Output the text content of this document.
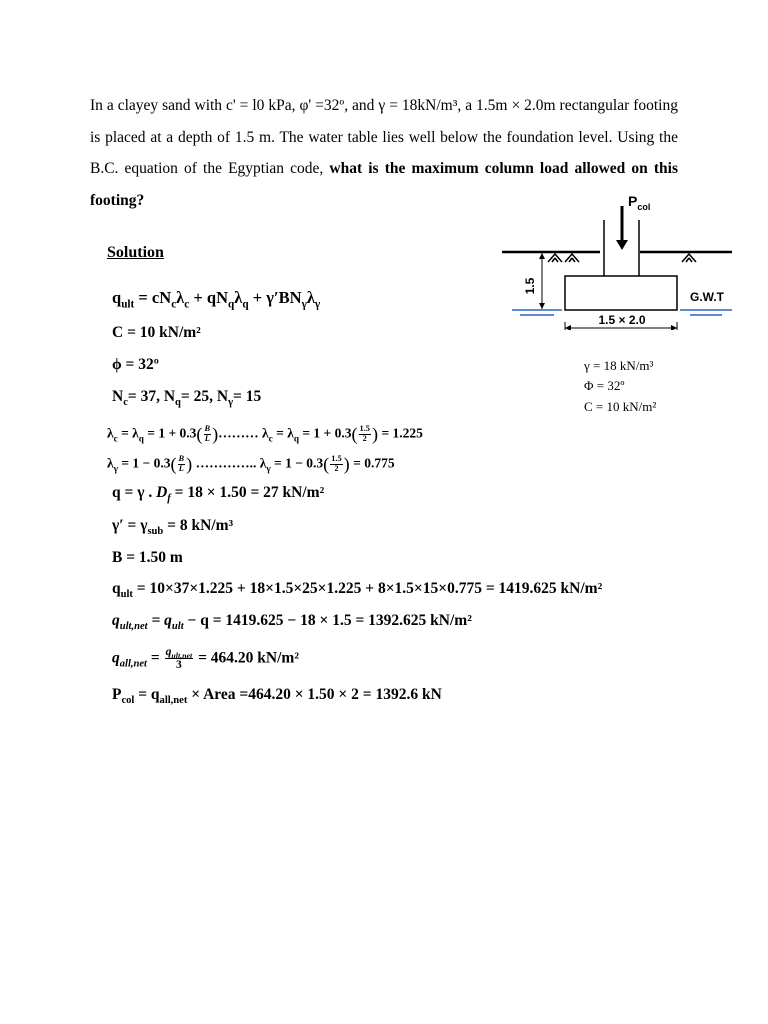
In a clayey sand with c' = l0 kPa, φ' =32º, and γ = 18kN/m³, a 1.5m × 2.0m rectangular footing is placed at a depth of 1.5 m. The water table lies well below the foundation level. Using the B.C. equation of the Egyptian code, what is the maximum column load allowed on this footing?	$P_{col}$
1.5
G.W.T
1.5 × 2.0
γ = 18 kN/m³
Φ = 32º
C = 10 kN/m²
Solution
$q_{ult} = cN_c\lambda_c + qN_q\lambda_q + \gamma'BN_\gamma\lambda_\gamma$
C = 10 kN/m²
ϕ = 32º
$N_c= 37$, $N_q= 25$, $N_\gamma= 15$
$\lambda_c = \lambda_q = 1 + 0.3( \frac{B}{L}$ )……… $\lambda_c = \lambda_q = 1 + 0.3( \frac{1.5}{2}$ ) = 1.225
$\lambda_\gamma = 1 - 0.3( \frac{B}{L}$ ) ………….. $\lambda_\gamma = 1 - 0.3( \frac{1.5}{2}$ ) = 0.775
q = γ . $D_f = 18 \times 1.50 = 27$ kN/m²
$\gamma' = \gamma_{sub} = 8$ kN/m³
B = 1.50 m
$q_{ult} = 10\times 37\times 1.225 + 18\times 1.5\times 25\times 1.225 + 8\times 1.5\times 15\times 0.775 = 1419.625$ kN/m²
$q_{ult,net} = q_{ult} - q = 1419.625 - 18 \times 1.5 = 1392.625$ kN/m²
$q_{all,net} = \frac{q_{ult,net}}{3} = 464.20$ kN/m²
$P_{col} = q_{all,net}$ × Area =464.20 × 1.50 × 2 = 1392.6 kN
